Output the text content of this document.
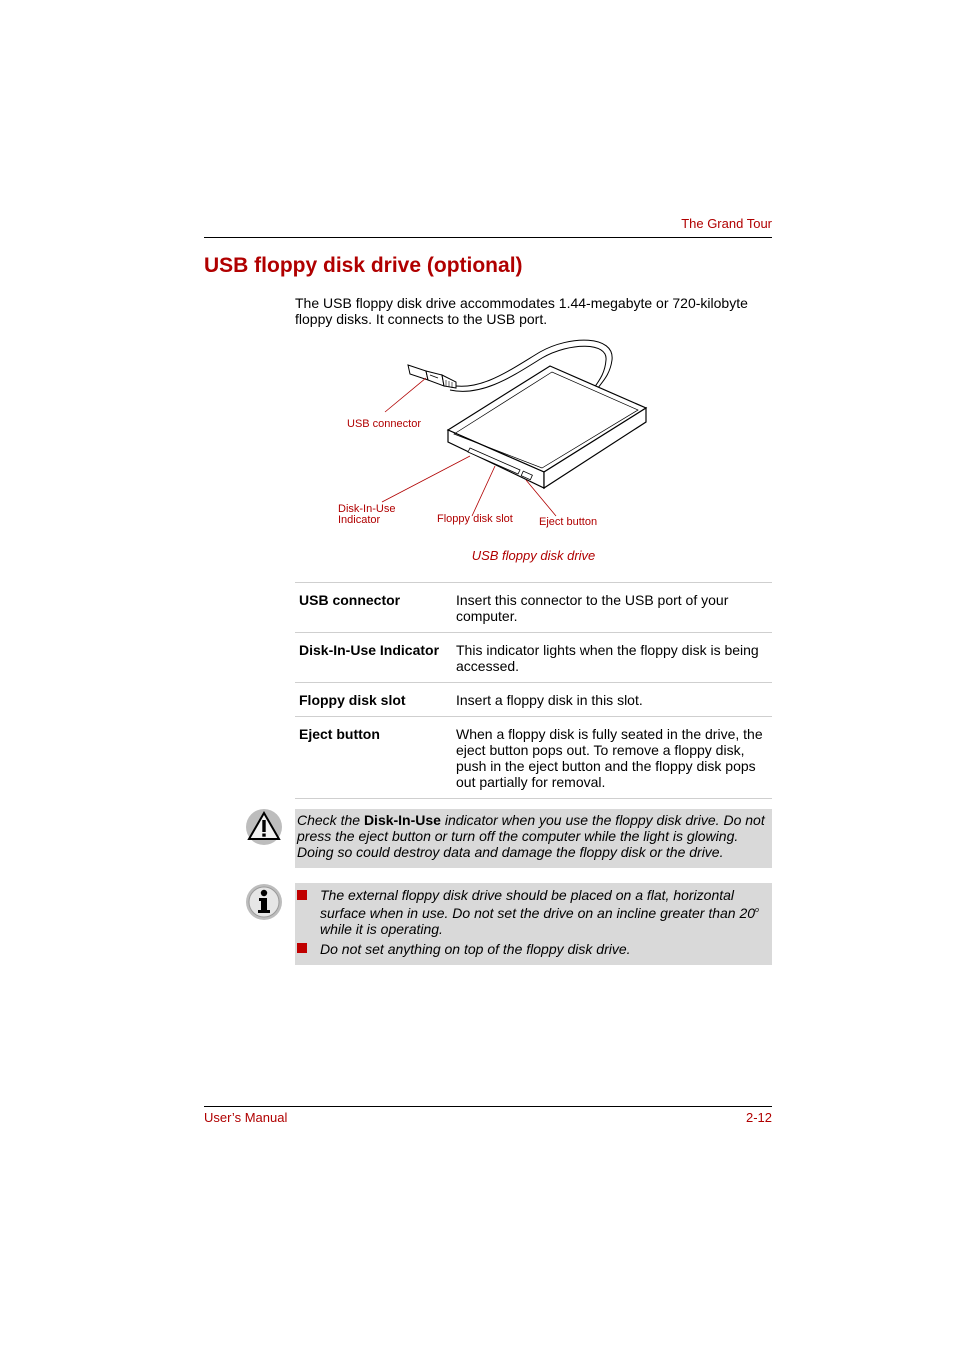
The Grand Tour
USB floppy disk drive (optional)

The USB floppy disk drive accommodates 1.44-megabyte or 720-kilobyte floppy disks. It connects to the USB port.

USB connector
Disk-In-Use
Indicator	Floppy disk slot Eject button
USB floppy disk drive
USB connector	Insert this connector to the USB port of your computer.
Disk-In-Use Indicator	This indicator lights when the floppy disk is being accessed.
Floppy disk slot	Insert a floppy disk in this slot.
Eject button	When a floppy disk is fully seated in the drive, the eject button pops out. To remove a floppy disk, push in the eject button and the floppy disk pops out partially for removal.
Check the Disk-In-Use indicator when you use the floppy disk drive. Do not press the eject button or turn off the computer while the light is glowing. Doing so could destroy data and damage the floppy disk or the drive.
The external floppy disk drive should be placed on a flat, horizontal surface when in use. Do not set the drive on an incline greater than 20$^o$ while it is operating.
Do not set anything on top of the floppy disk drive.
User’s Manual	2-12
